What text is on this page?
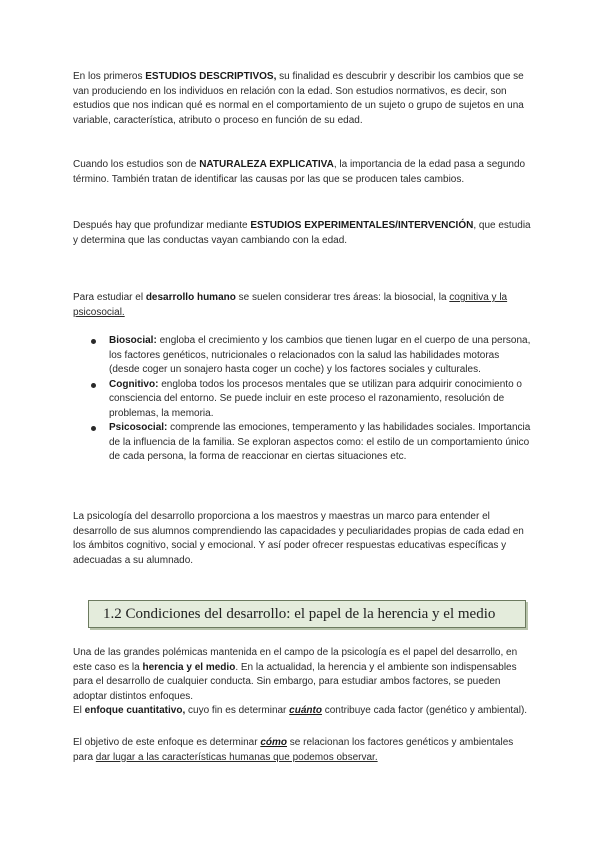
En los primeros ESTUDIOS DESCRIPTIVOS, su finalidad es descubrir y describir los cambios que se van produciendo en los individuos en relación con la edad. Son estudios normativos, es decir, son estudios que nos indican qué es normal en el comportamiento de un sujeto o grupo de sujetos en una variable, característica, atributo o proceso en función de su edad.

Cuando los estudios son de NATURALEZA EXPLICATIVA, la importancia de la edad pasa a segundo término. También tratan de identificar las causas por las que se producen tales cambios.

Después hay que profundizar mediante ESTUDIOS EXPERIMENTALES/INTERVENCIÓN, que estudia y determina que las conductas vayan cambiando con la edad.

Para estudiar el desarrollo humano se suelen considerar tres áreas: la biosocial, la cognitiva y la psicosocial.

Biosocial: engloba el crecimiento y los cambios que tienen lugar en el cuerpo de una persona, los factores genéticos, nutricionales o relacionados con la salud las habilidades motoras (desde coger un sonajero hasta coger un coche) y los factores sociales y culturales.
Cognitivo: engloba todos los procesos mentales que se utilizan para adquirir conocimiento o consciencia del entorno. Se puede incluir en este proceso el razonamiento, resolución de problemas, la memoria.
Psicosocial: comprende las emociones, temperamento y las habilidades sociales. Importancia de la influencia de la familia. Se exploran aspectos como: el estilo de un comportamiento único de cada persona, la forma de reaccionar en ciertas situaciones etc.

La psicología del desarrollo proporciona a los maestros y maestras un marco para entender el desarrollo de sus alumnos comprendiendo las capacidades y peculiaridades propias de cada edad en los ámbitos cognitivo, social y emocional. Y así poder ofrecer respuestas educativas específicas y adecuadas a su alumnado.

1.2 Condiciones del desarrollo: el papel de la herencia y el medio

Una de las grandes polémicas mantenida en el campo de la psicología es el papel del desarrollo, en este caso es la herencia y el medio. En la actualidad, la herencia y el ambiente son indispensables para el desarrollo de cualquier conducta. Sin embargo, para estudiar ambos factores, se pueden adoptar distintos enfoques.

El enfoque cuantitativo, cuyo fin es determinar cuánto contribuye cada factor (genético y ambiental).

El objetivo de este enfoque es determinar cómo se relacionan los factores genéticos y ambientales para dar lugar a las características humanas que podemos observar.
